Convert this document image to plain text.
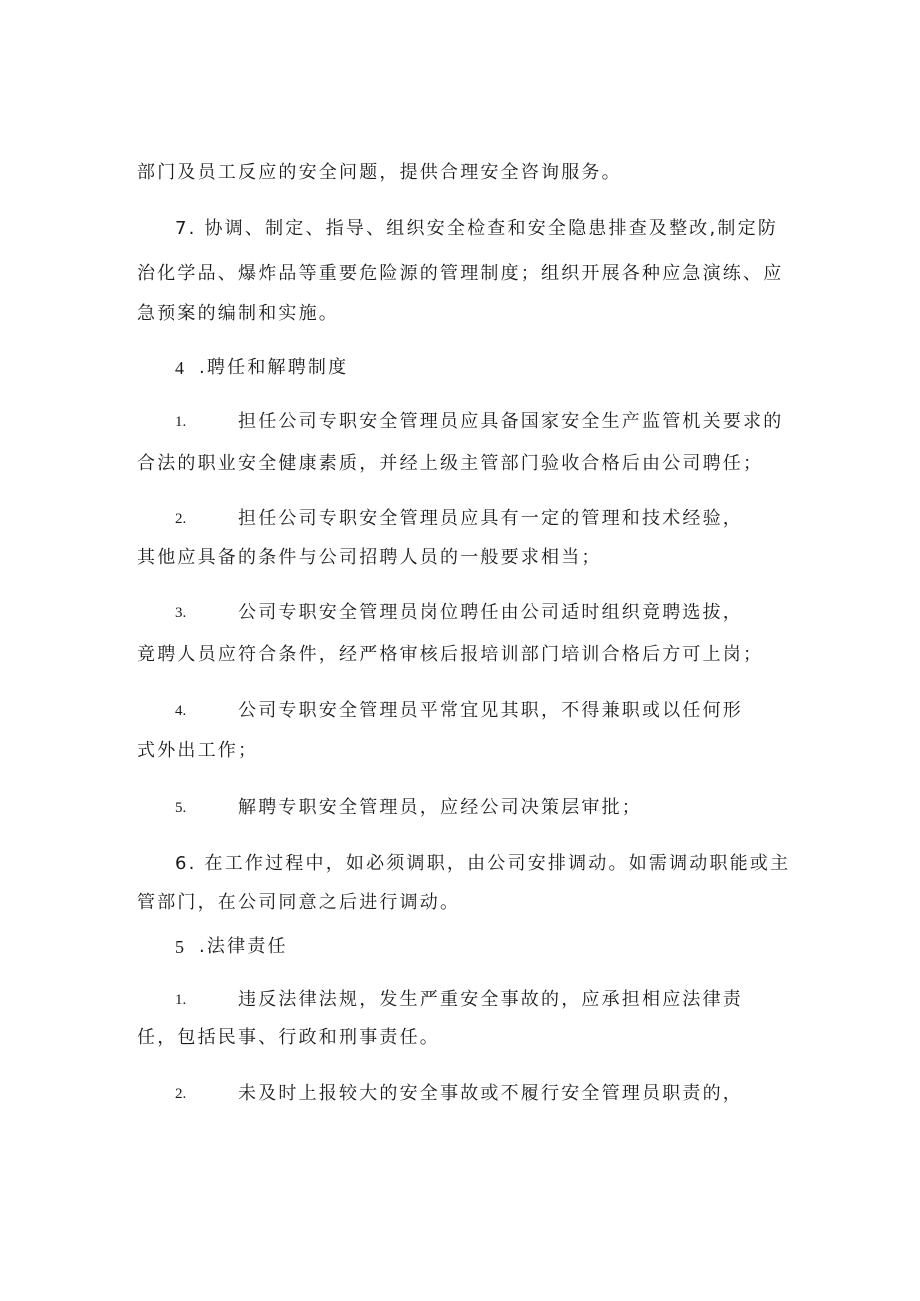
部门及员工反应的安全问题，提供合理安全咨询服务。
7. 协调、制定、指导、组织安全检查和安全隐患排查及整改,制定防
治化学品、爆炸品等重要危险源的管理制度；组织开展各种应急演练、应
急预案的编制和实施。
4 .聘任和解聘制度
1.	担任公司专职安全管理员应具备国家安全生产监管机关要求的
合法的职业安全健康素质，并经上级主管部门验收合格后由公司聘任；
2.	担任公司专职安全管理员应具有一定的管理和技术经验，
其他应具备的条件与公司招聘人员的一般要求相当；
3.	公司专职安全管理员岗位聘任由公司适时组织竟聘选拔，
竟聘人员应符合条件，经严格审核后报培训部门培训合格后方可上岗；
4.	公司专职安全管理员平常宜见其职，不得兼职或以任何形
式外出工作；
5.	解聘专职安全管理员，应经公司决策层审批；
6. 在工作过程中，如必须调职，由公司安排调动。如需调动职能或主
管部门，在公司同意之后进行调动。
5 .法律责任
1.	违反法律法规，发生严重安全事故的，应承担相应法律责
任，包括民事、行政和刑事责任。
2.	未及时上报较大的安全事故或不履行安全管理员职责的，
